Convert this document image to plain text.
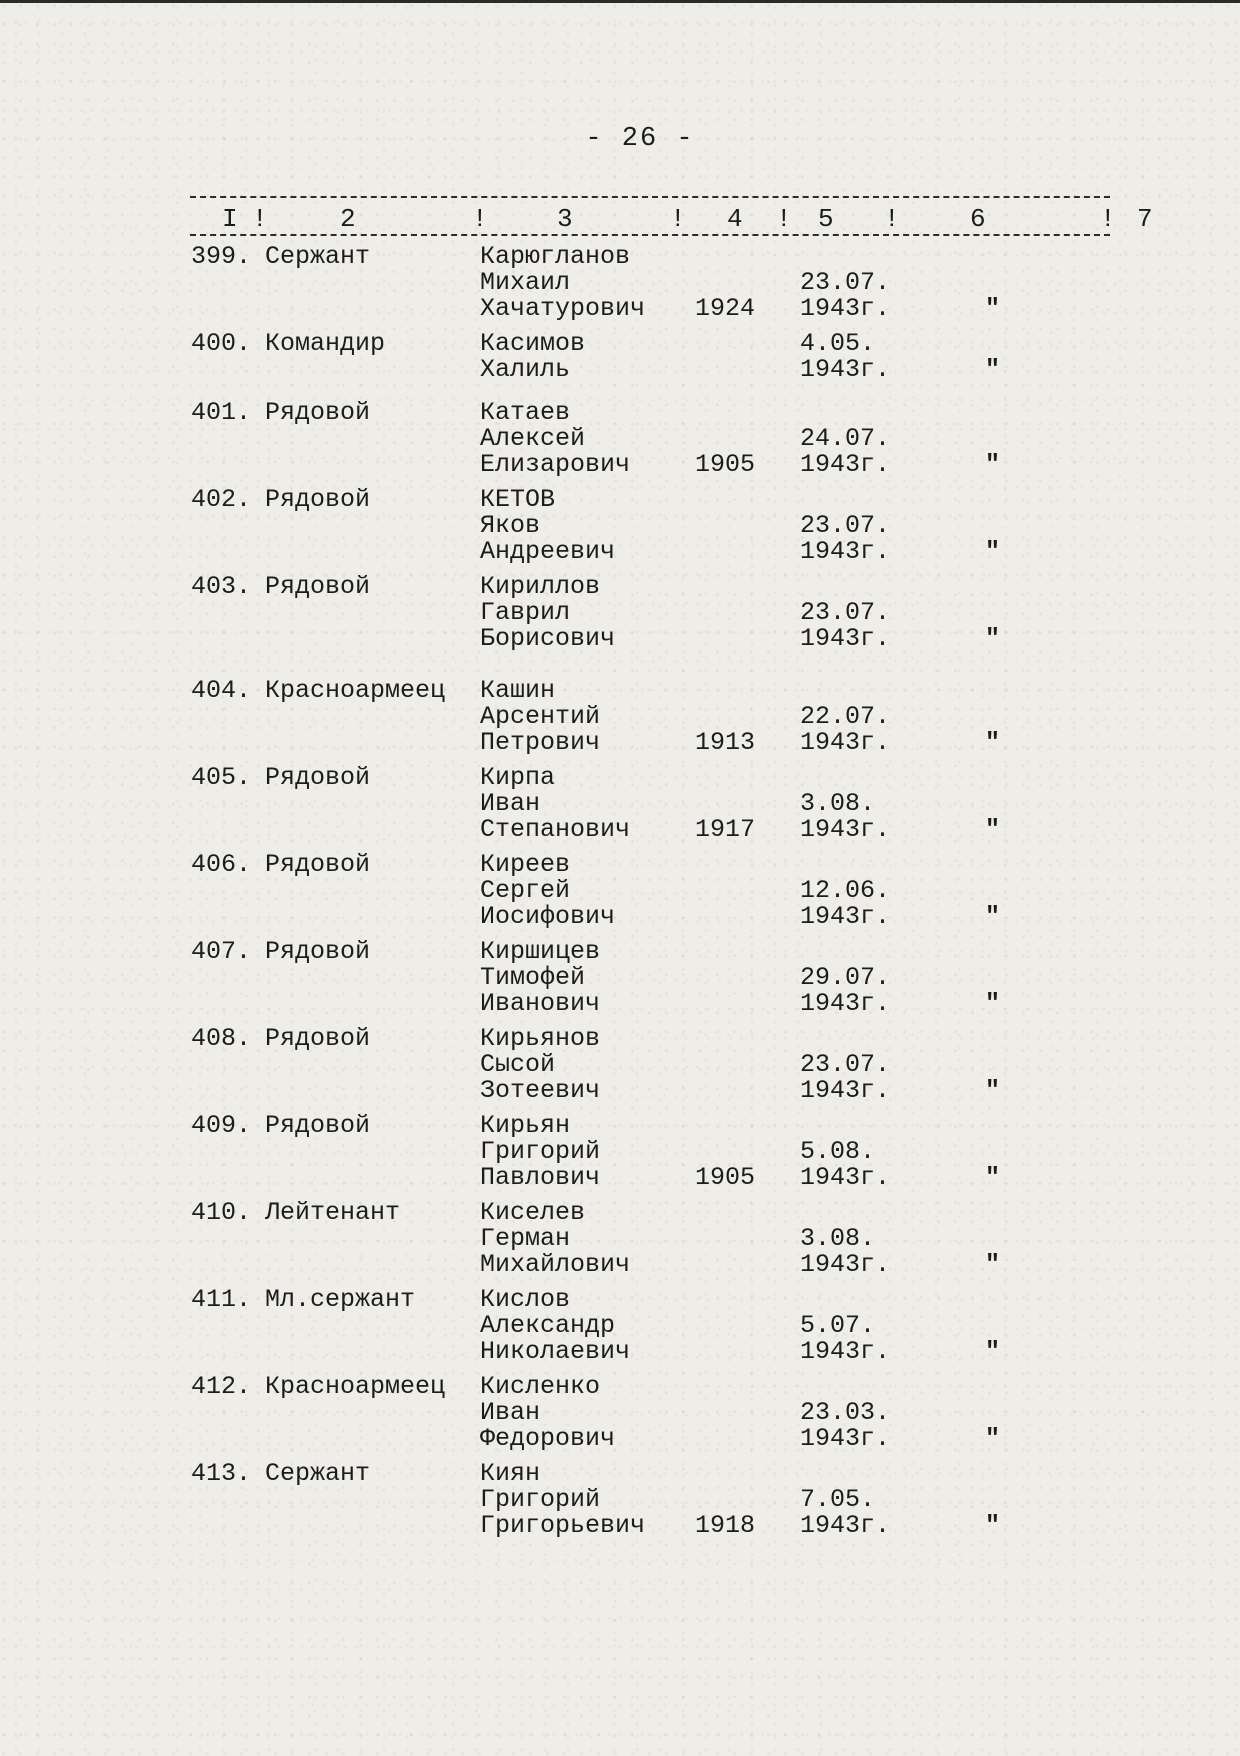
- 26 -
I !	2	!	3	! 4 ! 5 !	6	! 7
399. Сержант	Карюгланов
Михаил
Хачатурович 1924
23.07.
1943г.	"
400. Командир	Касимов
Халиль
4.05.
1943г.	"
401. Рядовой	Катаев
Алексей
Елизарович	1905
24.07.
1943г.	"
402. Рядовой	КЕТОВ
Яков
Андреевич
23.07.
1943г.	"
403. Рядовой	Кириллов
Гаврил
Борисович
23.07.
1943г.	"
404. Красноармеец Кашин
Арсентий
Петрович	1913
22.07.
1943г.	"
405. Рядовой	Кирпа
Иван
Степанович	1917
3.08.
1943г.	"
406. Рядовой	Киреев
Сергей
Иосифович
12.06.
1943г.	"
407. Рядовой	Киршицев
Тимофей
Иванович
29.07.
1943г.	"
408. Рядовой	Кирьянов
Сысой
Зотеевич
23.07.
1943г.	"
409. Рядовой	Кирьян
Григорий
Павлович	1905
5.08.
1943г.	"
410. Лейтенант	Киселев
Герман
Михайлович
3.08.
1943г.	"
411. Мл.сержант	Кислов
Александр
Николаевич
5.07.
1943г.	"
412. Красноармеец Кисленко
Иван
Федорович
23.03.
1943г.	"
413. Сержант	Киян
Григорий
Григорьевич 1918
7.05.
1943г.	"
